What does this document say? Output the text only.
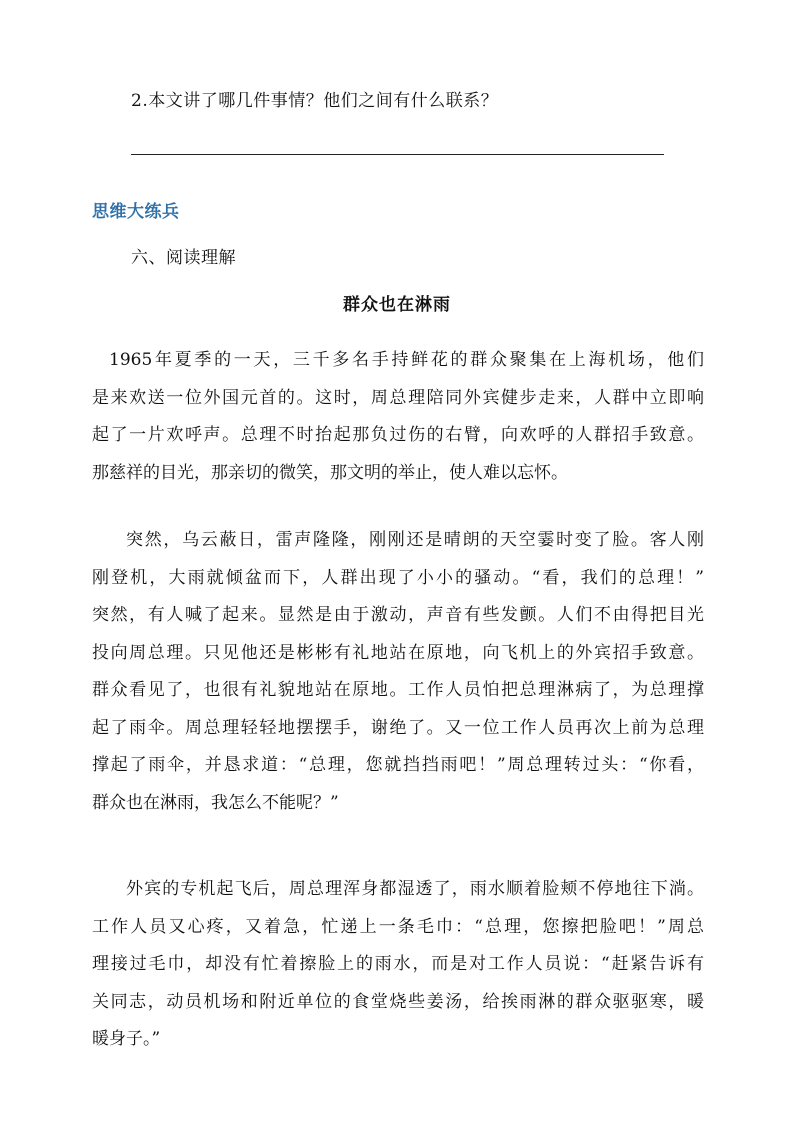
2.本文讲了哪几件事情？他们之间有什么联系？
思维大练兵
六、阅读理解
群众也在淋雨
1965年夏季的一天，三千多名手持鲜花的群众聚集在上海机场，他们
是来欢送一位外国元首的。这时，周总理陪同外宾健步走来，人群中立即响
起了一片欢呼声。总理不时抬起那负过伤的右臂，向欢呼的人群招手致意。
那慈祥的目光，那亲切的微笑，那文明的举止，使人难以忘怀。
突然，乌云蔽日，雷声隆隆，刚刚还是晴朗的天空霎时变了脸。客人刚
刚登机，大雨就倾盆而下，人群出现了小小的骚动。“看，我们的总理！”
突然，有人喊了起来。显然是由于激动，声音有些发颤。人们不由得把目光
投向周总理。只见他还是彬彬有礼地站在原地，向飞机上的外宾招手致意。
群众看见了，也很有礼貌地站在原地。工作人员怕把总理淋病了，为总理撑
起了雨伞。周总理轻轻地摆摆手，谢绝了。又一位工作人员再次上前为总理
撑起了雨伞，并恳求道：“总理，您就挡挡雨吧！”周总理转过头：“你看，
群众也在淋雨，我怎么不能呢？”
外宾的专机起飞后，周总理浑身都湿透了，雨水顺着脸颊不停地往下淌。
工作人员又心疼，又着急，忙递上一条毛巾：“总理，您擦把脸吧！”周总
理接过毛巾，却没有忙着擦脸上的雨水，而是对工作人员说：“赶紧告诉有
关同志，动员机场和附近单位的食堂烧些姜汤，给挨雨淋的群众驱驱寒，暖
暖身子。”
